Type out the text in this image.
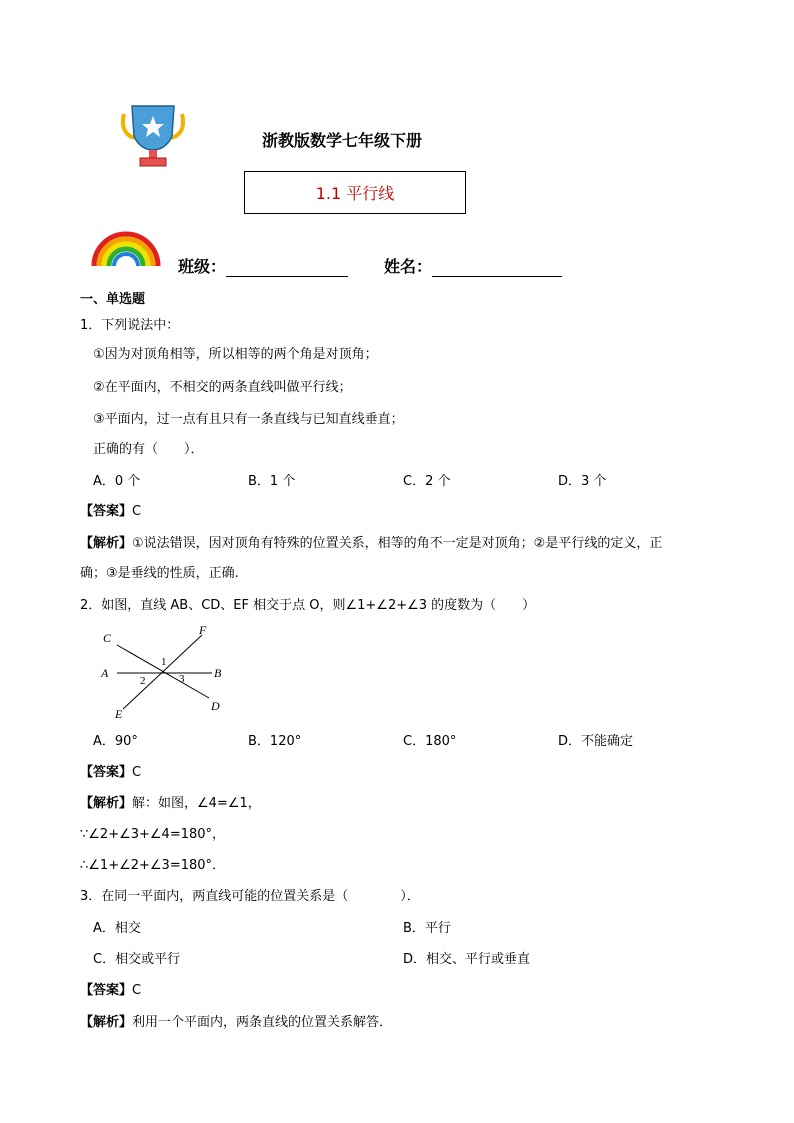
浙教版数学七年级下册
1.1 平行线
班级：	姓名：
一、单选题
1．下列说法中：
①因为对顶角相等，所以相等的两个角是对顶角；
②在平面内，不相交的两条直线叫做平行线；
③平面内，过一点有且只有一条直线与已知直线垂直；
正确的有（　　）．
A．0 个	B．1 个	C．2 个	D．3 个
【答案】C
【解析】①说法错误，因对顶角有特殊的位置关系，相等的角不一定是对顶角；②是平行线的定义，正
确；③是垂线的性质，正确.
2．如图，直线 AB、CD、EF 相交于点 O，则∠1+∠2+∠3 的度数为（　　）
C
F
A	B
E
D
1
2	3
A．90°	B．120°	C．180°	D．不能确定
【答案】C
【解析】解：如图，∠4=∠1，
∵∠2+∠3+∠4=180°，
∴∠1+∠2+∠3=180°．
3．在同一平面内，两直线可能的位置关系是（　　　　）．
A．相交	B．平行
C．相交或平行	D．相交、平行或垂直
【答案】C
【解析】利用一个平面内，两条直线的位置关系解答．
